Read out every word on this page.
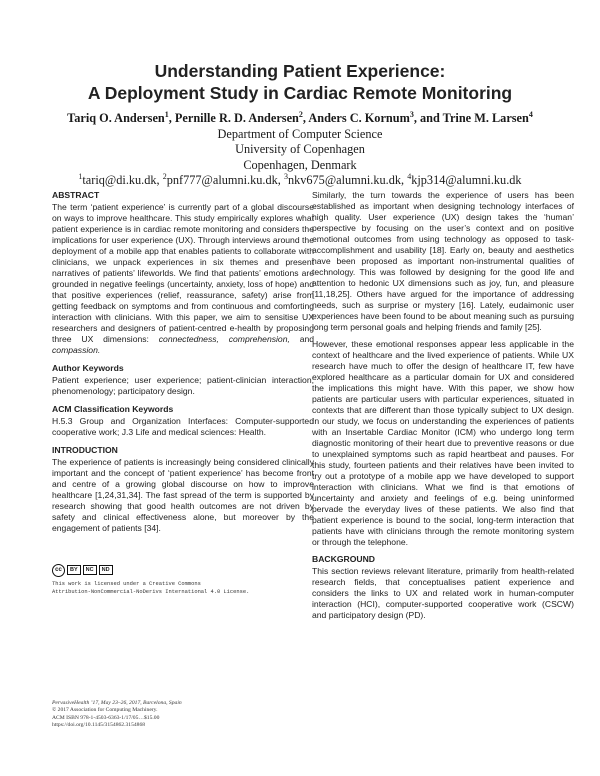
Understanding Patient Experience:
A Deployment Study in Cardiac Remote Monitoring
Tariq O. Andersen$^1$, Pernille R. D. Andersen$^2$, Anders C. Kornum$^3$, and Trine M. Larsen$^4$
Department of Computer Science
University of Copenhagen
Copenhagen, Denmark
$^1$tariq@di.ku.dk, $^2$pnf777@alumni.ku.dk, $^3$nkv675@alumni.ku.dk, $^4$kjp314@alumni.ku.dk
ABSTRACT

The term ‘patient experience’ is currently part of a global discourse on ways to improve healthcare. This study empirically explores what patient experience is in cardiac remote monitoring and considers the implications for user experience (UX). Through interviews around the deployment of a mobile app that enables patients to collaborate with clinicians, we unpack experiences in six themes and present narratives of patients’ lifeworlds. We find that patients’ emotions are grounded in negative feelings (uncertainty, anxiety, loss of hope) and that positive experiences (relief, reassurance, safety) arise from getting feedback on symptoms and from continuous and comforting interaction with clinicians. With this paper, we aim to sensitise UX researchers and designers of patient-centred e-health by proposing three UX dimensions: connectedness, comprehension, and compassion.

Author Keywords

Patient experience; user experience; patient-clinician interaction; phenomenology; participatory design.

ACM Classification Keywords

H.5.3 Group and Organization Interfaces: Computer-supported cooperative work; J.3 Life and medical sciences: Health.

INTRODUCTION

The experience of patients is increasingly being considered clinically important and the concept of ‘patient experience’ has become front and centre of a growing global discourse on how to improve healthcare [1,24,31,34]. The fast spread of the term is supported by research showing that good health outcomes are not driven by safety and clinical effectiveness alone, but moreover by the engagement of patients [34].

cc	BY	NC	ND
This work is licensed under a Creative Commons
Attribution-NonCommercial-NoDerivs International 4.0 License.
PervasiveHealth ’17, May 23–26, 2017, Barcelona, Spain
© 2017 Association for Computing Machinery.
ACM ISBN 978-1-4503-6363-1/17/05…$15.00
https://doi.org/10.1145/3154862.3154868

Similarly, the turn towards the experience of users has been established as important when designing technology interfaces of high quality. User experience (UX) design takes the ‘human’ perspective by focusing on the user’s context and on positive emotional outcomes from using technology as opposed to task-accomplishment and usability [18]. Early on, beauty and aesthetics have been proposed as important non-instrumental qualities of technology. This was followed by designing for the good life and attention to hedonic UX dimensions such as joy, fun, and pleasure [11,18,25]. Others have argued for the importance of addressing needs, such as surprise or mystery [16]. Lately, eudaimonic user experiences have been found to be about meaning such as pursuing long term personal goals and helping friends and family [25].

However, these emotional responses appear less applicable in the context of healthcare and the lived experience of patients. While UX research have much to offer the design of healthcare IT, few have explored healthcare as a particular domain for UX and considered the implications this might have. With this paper, we show how patients are particular users with particular experiences, situated in contexts that are different than those typically subject to UX design. In our study, we focus on understanding the experiences of patients with an Insertable Cardiac Monitor (ICM) who undergo long term diagnostic monitoring of their heart due to preventive reasons or due to unexplained symptoms such as rapid heartbeat and pauses. For this study, fourteen patients and their relatives have been invited to try out a prototype of a mobile app we have developed to support interaction with clinicians. What we find is that emotions of uncertainty and anxiety and feelings of e.g. being uninformed pervade the everyday lives of these patients. We also find that patient experience is bound to the social, long-term interaction that patients have with clinicians through the remote monitoring system or through the telephone.

BACKGROUND

This section reviews relevant literature, primarily from health-related research fields, that conceptualises patient experience and considers the links to UX and related work in human-computer interaction (HCI), computer-supported cooperative work (CSCW) and participatory design (PD).
